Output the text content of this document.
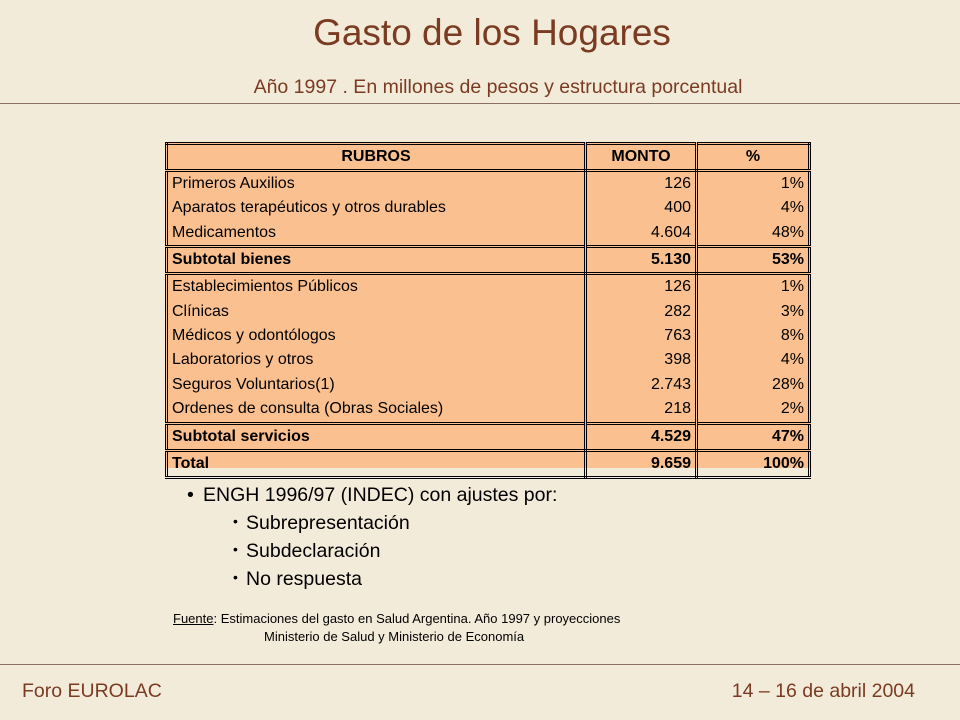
Gasto de los Hogares
Año 1997 . En millones de pesos y estructura porcentual
RUBROS	MONTO	%
Primeros Auxilios	126	1%
Aparatos terapéuticos y otros durables	400	4%
Medicamentos	4.604	48%
Subtotal bienes	5.130	53%
Establecimientos Públicos	126	1%
Clínicas	282	3%
Médicos y odontólogos	763	8%
Laboratorios y otros	398	4%
Seguros Voluntarios(1)	2.743	28%
Ordenes de consulta (Obras Sociales)	218	2%
Subtotal servicios	4.529	47%
Total	9.659	100%
• ENGH 1996/97 (INDEC) con ajustes por:
• Subrepresentación
• Subdeclaración
• No respuesta
Fuente: Estimaciones del gasto en Salud Argentina. Año 1997 y proyecciones
Ministerio de Salud y Ministerio de Economía
Foro EUROLAC	14 – 16 de abril 2004
